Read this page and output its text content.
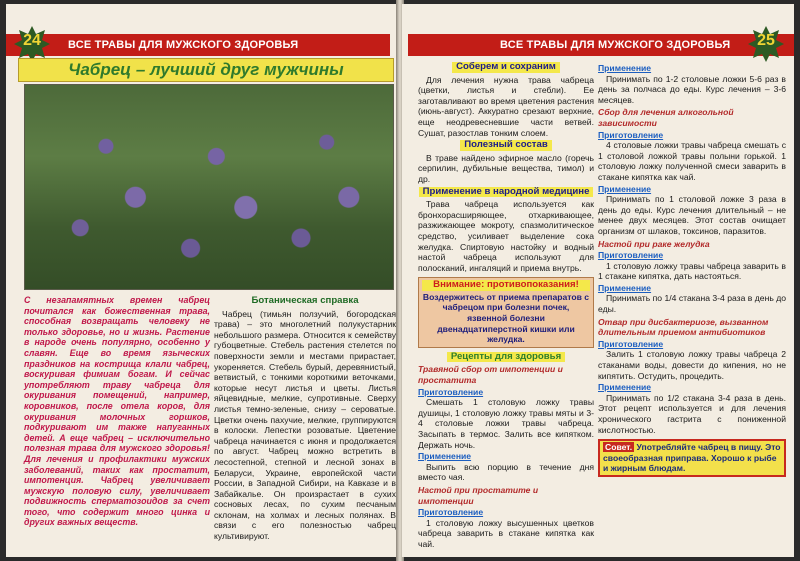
ВСЕ ТРАВЫ ДЛЯ МУЖСКОГО ЗДОРОВЬЯ
24
Чабрец – лучший друг мужчины
С незапамятных времен чабрец почитался как божественная трава, способная возвращать человеку не только здоровье, но и жизнь. Растение в народе очень популярно, особенно у славян. Еще во время языческих праздников на кострища клали чабрец, воскуривая фимиам богам. И сейчас употребляют траву чабреца для окуривания помещений, например, коровников, после отела коров, для окуривания молочных горшков, подкуривают им также напуганных детей. А еще чабрец – исключительно полезная трава для мужского здоровья! Для лечения и профилактики мужских заболеваний, таких как простатит, импотенция. Чабрец увеличивает мужскую половую силу, увеличивает подвижность сперматозоидов за счет того, что содержит много цинка и других важных веществ.
Ботаническая справка
Чабрец (тимьян ползучий, богородская трава) – это многолетний полукустарник небольшого размера. Относится к семейству губоцветные. Стебель растения стелется по поверхности земли и местами прирастает, укореняется. Стебель бурый, деревянистый, ветвистый, с тонкими короткими веточками, которые несут листья и цветы. Листья яйцевидные, мелкие, супротивные. Сверху листья темно-зеленые, снизу – сероватые. Цветки очень пахучие, мелкие, группируются в колоски. Лепестки розоватые. Цветение чабреца начинается с июня и продолжается по август. Чабрец можно встретить в лесостепной, степной и лесной зонах в Беларуси, Украине, европейской части России, в Западной Сибири, на Кавказе и в Забайкалье. Он произрастает в сухих сосновых лесах, по сухим песчаным склонам, на холмах и лесных полянах. В связи с его полезностью чабрец культивируют.
ВСЕ ТРАВЫ ДЛЯ МУЖСКОГО ЗДОРОВЬЯ	25
Соберем и сохраним
Для лечения нужна трава чабреца (цветки, листья и стебли). Ее заготавливают во время цветения растения (июнь-август). Аккуратно срезают верхние, еще неодревесневшие части ветвей. Сушат, разостлав тонким слоем.
Полезный состав
В траве найдено эфирное масло (горечь серпилин, дубильные вещества, тимол) и др.
Применение в народной медицине
Трава чабреца используется как бронхорасширяющее, отхаркивающее, разжижающее мокроту, спазмолитическое средство, усиливает выделение сока желудка. Спиртовую настойку и водный настой чабреца используют для полосканий, ингаляций и приема внутрь.
Внимание: противопоказания!
Воздержитесь от приема препаратов с чабрецом при болезни почек, язвенной болезни двенадцатиперстной кишки или желудка.
Рецепты для здоровья
Травяной сбор от импотенции и простатита
Приготовление
Смешать 1 столовую ложку травы душицы, 1 столовую ложку травы мяты и 3-4 столовые ложки травы чабреца. Засыпать в термос. Залить все кипятком. Держать ночь.
Применение
Выпить всю порцию в течение дня вместо чая.
Настой при простатите и импотенции
Приготовление
1 столовую ложку высушенных цветков чабреца заварить в стакане кипятка как чай.
Применение
Принимать по 1-2 столовые ложки 5-6 раз в день за полчаса до еды. Курс лечения – 3-6 месяцев.
Сбор для лечения алкогольной зависимости
Приготовление
4 столовые ложки травы чабреца смешать с 1 столовой ложкой травы полыни горькой. 1 столовую ложку полученной смеси заварить в стакане кипятка как чай.
Применение
Принимать по 1 столовой ложке 3 раза в день до еды. Курс лечения длительный – не менее двух месяцев. Этот состав очищает организм от шлаков, токсинов, паразитов.
Настой при раке желудка
Приготовление
1 столовую ложку травы чабреца заварить в 1 стакане кипятка, дать настояться.
Применение
Принимать по 1/4 стакана 3-4 раза в день до еды.
Отвар при дисбактериозе, вызванном длительным приемом антибиотиков
Приготовление
Залить 1 столовую ложку травы чабреца 2 стаканами воды, довести до кипения, но не кипятить. Остудить, процедить.
Применение
Принимать по 1/2 стакана 3-4 раза в день. Этот рецепт используется и для лечения хронического гастрита с пониженной кислотностью.
Совет. Употребляйте чабрец в пищу. Это своеобразная приправа. Хорошо к рыбе и жирным блюдам.
